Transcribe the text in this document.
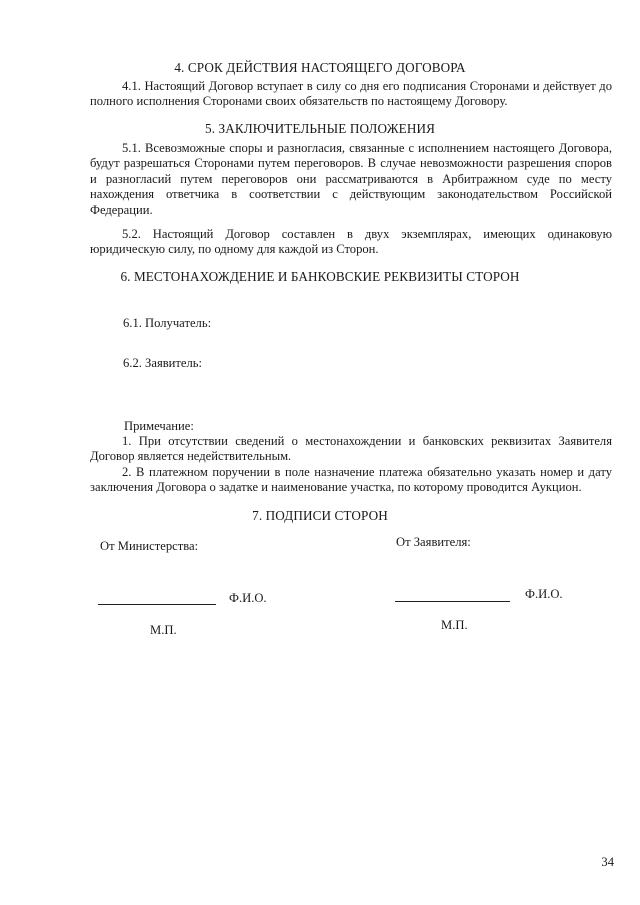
4. СРОК ДЕЙСТВИЯ НАСТОЯЩЕГО ДОГОВОРА

4.1. Настоящий Договор вступает в силу со дня его подписания Сторонами и действует до полного исполнения Сторонами своих обязательств по настоящему Договору.

5. ЗАКЛЮЧИТЕЛЬНЫЕ ПОЛОЖЕНИЯ

5.1. Всевозможные споры и разногласия, связанные с исполнением настоящего Договора, будут разрешаться Сторонами путем переговоров. В случае невозможности разрешения споров и разногласий путем переговоров они рассматриваются в Арбитражном суде по месту нахождения ответчика в соответствии с действующим законодательством Российской Федерации.

5.2. Настоящий Договор составлен в двух экземплярах, имеющих одинаковую юридическую силу, по одному для каждой из Сторон.

6. МЕСТОНАХОЖДЕНИЕ И БАНКОВСКИЕ РЕКВИЗИТЫ СТОРОН
6.1. Получатель:
6.2. Заявитель:
Примечание:

1. При отсутствии сведений о местонахождении и банковских реквизитах Заявителя Договор является недействительным.

2. В платежном поручении в поле назначение платежа обязательно указать номер и дату заключения Договора о задатке и наименование участка, по которому проводится Аукцион.

7. ПОДПИСИ СТОРОН
От Министерства:	От Заявителя:
Ф.И.О.	Ф.И.О.
М.П.	М.П.
34
